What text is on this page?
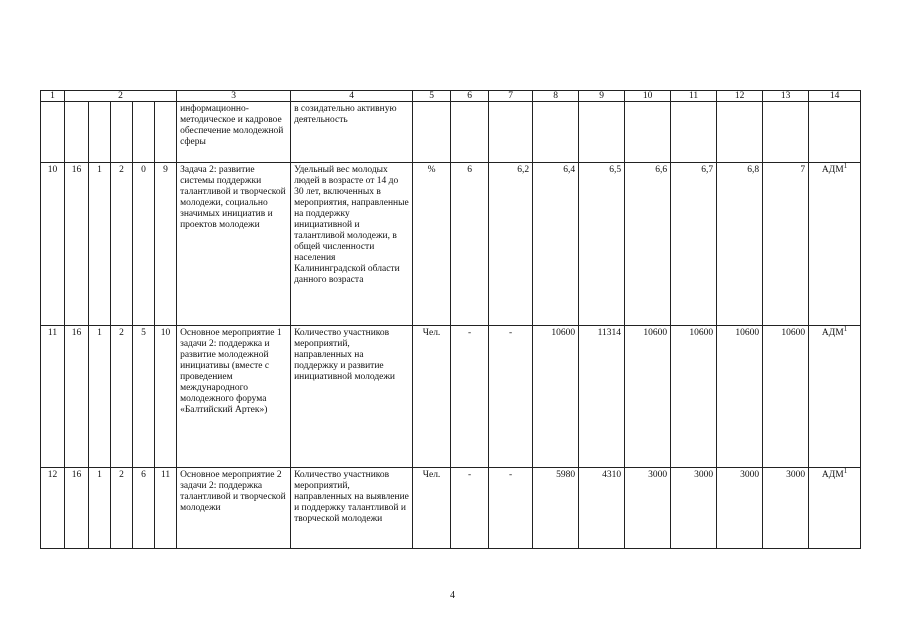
1	2					3	4	5	6	7	8	9	10	11	12	13	14
						информационно-методическое и кадровое обеспечение молодежной сферы	в созидательно активную деятельность										
10	16	1	2	0	9	Задача 2: развитие системы поддержки талантливой и творческой молодежи, социально значимых инициатив и проектов молодежи	Удельный вес молодых людей в возрасте от 14 до 30 лет, включенных в мероприятия, направленные на поддержку инициативной и талантливой молодежи, в общей численности населения Калининградской области данного возраста	%	6	6,2	6,4	6,5	6,6	6,7	6,8	7	АДМ$^1$
11	16	1	2	5	10	Основное мероприятие 1 задачи 2: поддержка и развитие молодежной инициативы (вместе с проведением международного молодежного форума «Балтийский Артек»)	Количество участников мероприятий, направленных на поддержку и развитие инициативной молодежи	Чел.	-	-	10600	11314	10600	10600	10600	10600	АДМ$^1$
12	16	1	2	6	11	Основное мероприятие 2 задачи 2: поддержка талантливой и творческой молодежи	Количество участников мероприятий, направленных на выявление и поддержку талантливой и творческой молодежи	Чел.	-	-	5980	4310	3000	3000	3000	3000	АДМ$^1$
4
